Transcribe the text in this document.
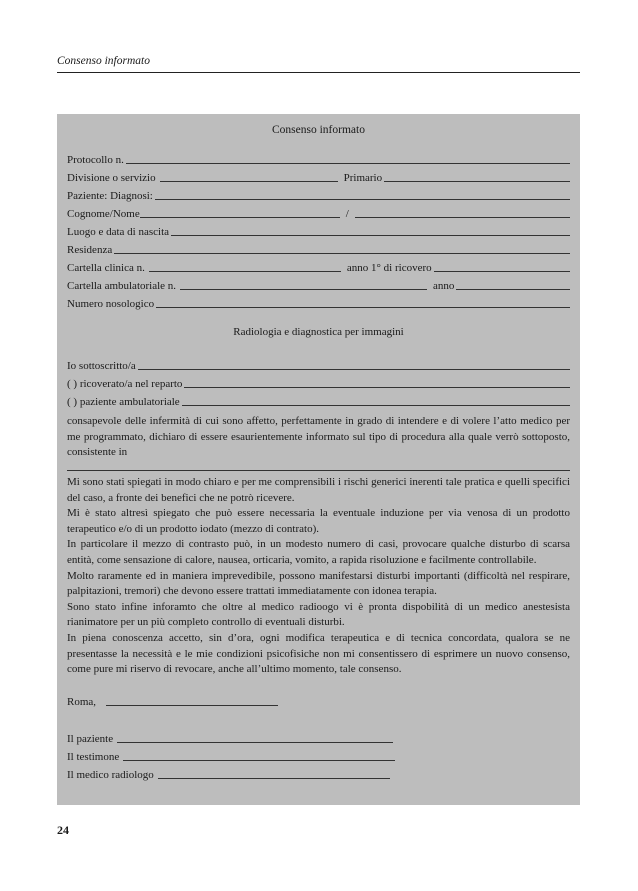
Consenso informato
Consenso informato
Protocollo n.
Divisione o servizio	Primario
Paziente: Diagnosi:
Cognome/Nome	/
Luogo e data di nascita
Residenza
Cartella clinica n.	anno 1° di ricovero
Cartella ambulatoriale n.	anno
Numero nosologico
Radiologia e diagnostica per immagini
Io sottoscritto/a
( ) ricoverato/a nel reparto
( ) paziente ambulatoriale

consapevole delle infermità di cui sono affetto, perfettamente in grado di intendere e di volere l’atto medico per me programmato, dichiaro di essere esaurientemente informato sul tipo di procedura alla quale verrò sottoposto, consistente in

Mi sono stati spiegati in modo chiaro e per me comprensibili i rischi generici inerenti tale pratica e quelli specifici del caso, a fronte dei benefici che ne potrò ricevere.

Mi è stato altresì spiegato che può essere necessaria la eventuale induzione per via venosa di un prodotto terapeutico e/o di un prodotto iodato (mezzo di contrato).

In particolare il mezzo di contrasto può, in un modesto numero di casi, provocare qualche disturbo di scarsa entità, come sensazione di calore, nausea, orticaria, vomito, a rapida risoluzione e facilmente controllabile.

Molto raramente ed in maniera imprevedibile, possono manifestarsi disturbi importanti (difficoltà nel respirare, palpitazioni, tremori) che devono essere trattati immediatamente con idonea terapia.

Sono stato infine inforamto che oltre al medico radioogo vi è pronta dispobilità di un medico anestesista rianimatore per un più completo controllo di eventuali disturbi.

In piena conoscenza accetto, sin d’ora, ogni modifica terapeutica e di tecnica concordata, qualora se ne presentasse la necessità e le mie condizioni psicofisiche non mi consentissero di esprimere un nuovo consenso, come pure mi riservo di revocare, anche all’ultimo momento, tale consenso.

Roma,
Il paziente
Il testimone
Il medico radiologo
24
